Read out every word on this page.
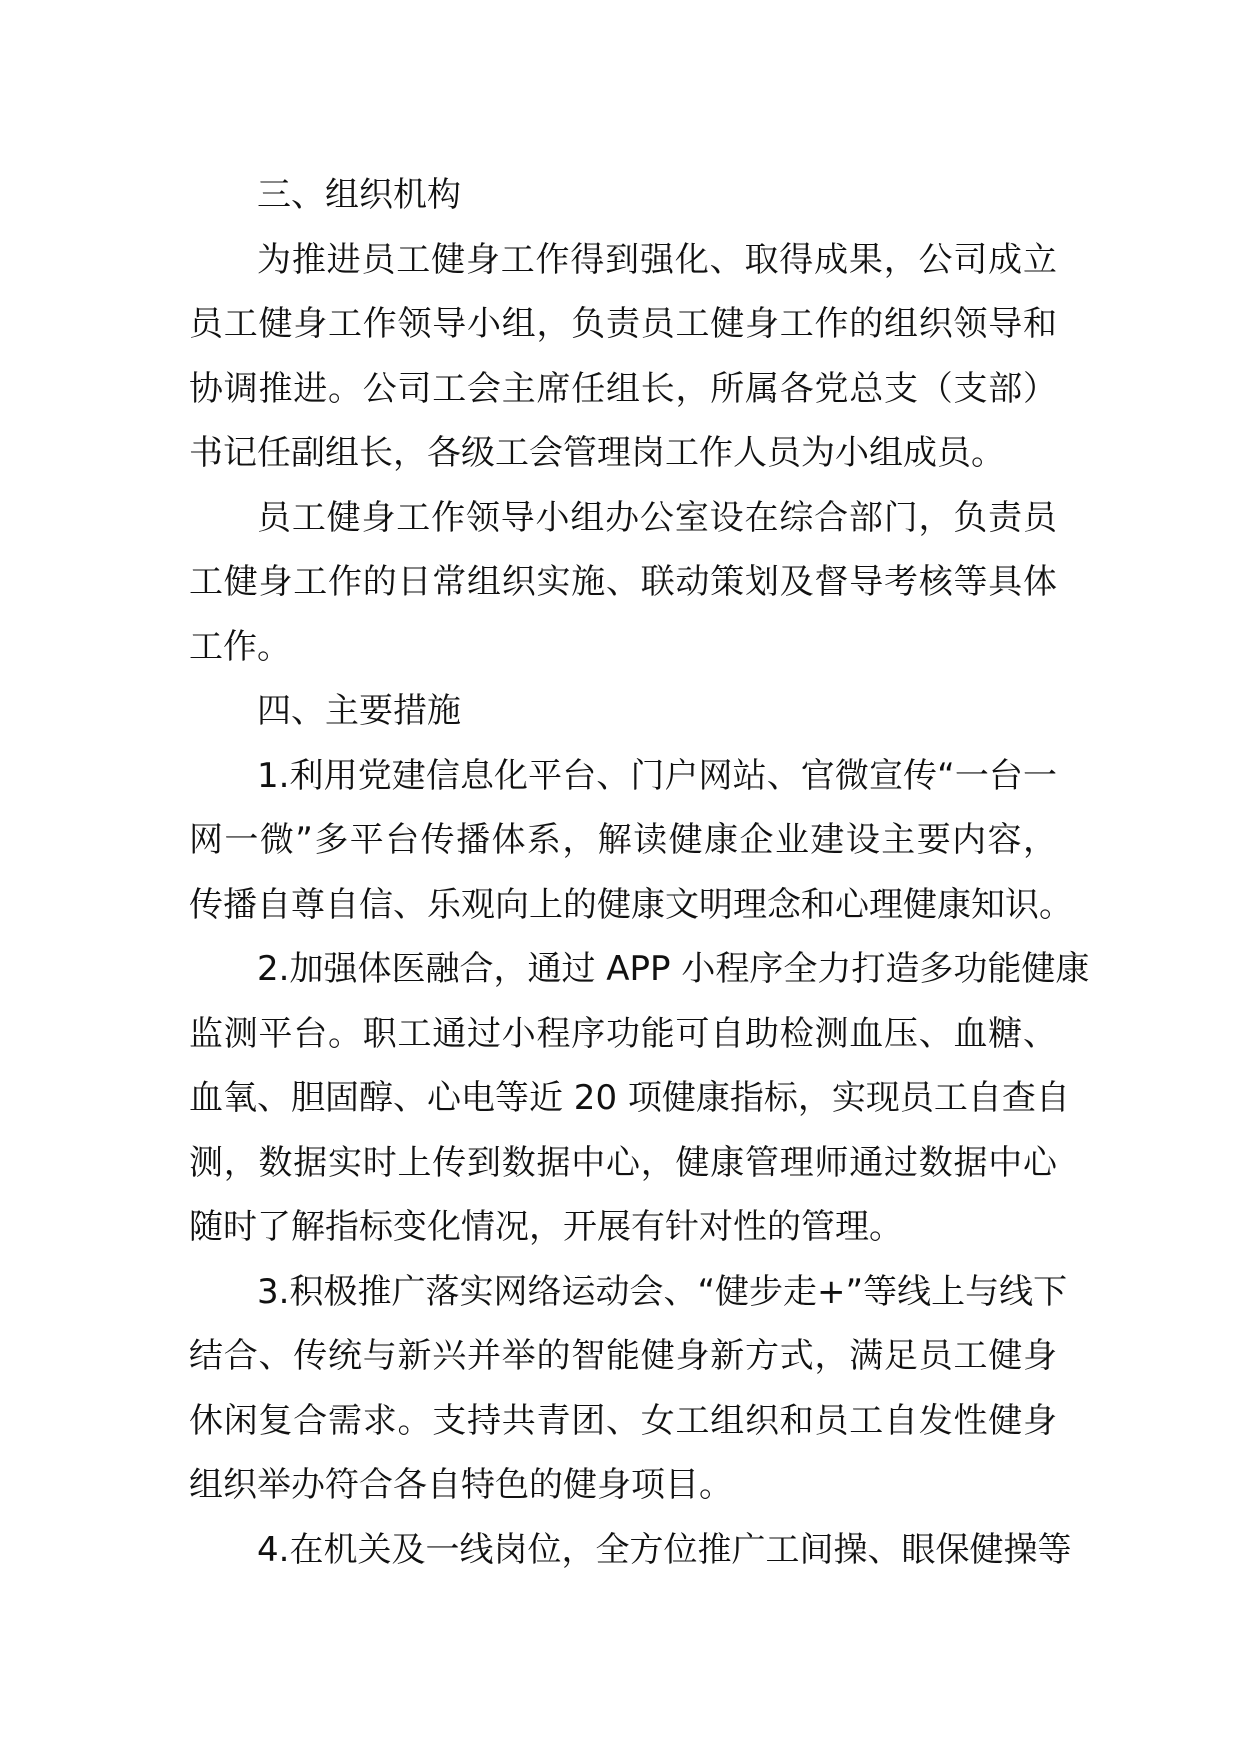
三、组织机构
为推进员工健身工作得到强化、取得成果，公司成立
员工健身工作领导小组，负责员工健身工作的组织领导和
协调推进。公司工会主席任组长，所属各党总支（支部）
书记任副组长，各级工会管理岗工作人员为小组成员。
员工健身工作领导小组办公室设在综合部门，负责员
工健身工作的日常组织实施、联动策划及督导考核等具体
工作。
四、主要措施
1.利用党建信息化平台、门户网站、官微宣传“一台一
网一微”多平台传播体系，解读健康企业建设主要内容，
传播自尊自信、乐观向上的健康文明理念和心理健康知识。
2.加强体医融合，通过 APP 小程序全力打造多功能健康
监测平台。职工通过小程序功能可自助检测血压、血糖、
血氧、胆固醇、心电等近 20 项健康指标，实现员工自查自
测，数据实时上传到数据中心，健康管理师通过数据中心
随时了解指标变化情况，开展有针对性的管理。
3.积极推广落实网络运动会、“健步走+”等线上与线下
结合、传统与新兴并举的智能健身新方式，满足员工健身
休闲复合需求。支持共青团、女工组织和员工自发性健身
组织举办符合各自特色的健身项目。
4.在机关及一线岗位，全方位推广工间操、眼保健操等
